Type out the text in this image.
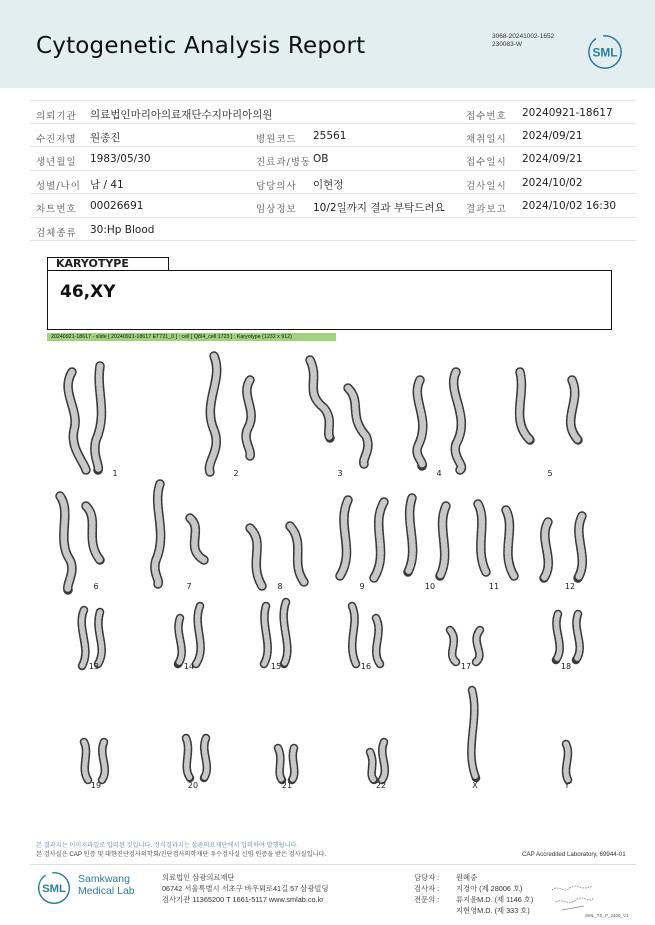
Cytogenetic Analysis Report	3068-20241002-1652
230083-W
SML
의뢰기관 의료법인마리아의료재단수지마리아의원	접수번호 20240921-18617
수진자명 원종진	병원코드 25561	채취일시 2024/09/21
생년월일 1983/05/30	진료과/병동 OB	접수일시 2024/09/21
성별/나이 남 / 41	담당의사 이현정	검사일시 2024/10/02
차트번호 00026691	임상정보 10/2일까지 결과 부탁드려요 결과보고 2024/10/02 16:30
검체종류 30:Hp Blood
KARYOTYPE
46,XY
20240921-18617 - slide [ 20240921-18617 ET721_0 ] : cell [ Q8/4_cell 1723 ] : Karyotype (1232 x 912)
1	2	3	4	5
6	7	8	9	10	11	12
13	14	15	16	17	18
19	20	21	22	X	Y
본 결과지는 이미지파일로 입력된 것입니다. 정식결과지는 삼광의료재단에서 입력하여 발행됩니다.
본 검사실은 CAP 인증 및 대한진단검사의학회/진단검사의학재단 우수검사실 신임 인증을 받은 검사실입니다.	CAP Accredited Laboratory, 69944-01
SML
Samkwang
Medical Lab
의료법인 삼광의료재단
06742 서울특별시 서초구 바우뫼로41길 57 삼광빌딩
검사기관 11365200 T 1661-5117 www.smlab.co.kr
담당자 : 원혜중
검사자 : 지경아 (제 28006 호)
전문의 : 류지윤M.D. (제 1146 호)
지현영M.D. (제 333 호)
SML_TS_P_2400_V1
